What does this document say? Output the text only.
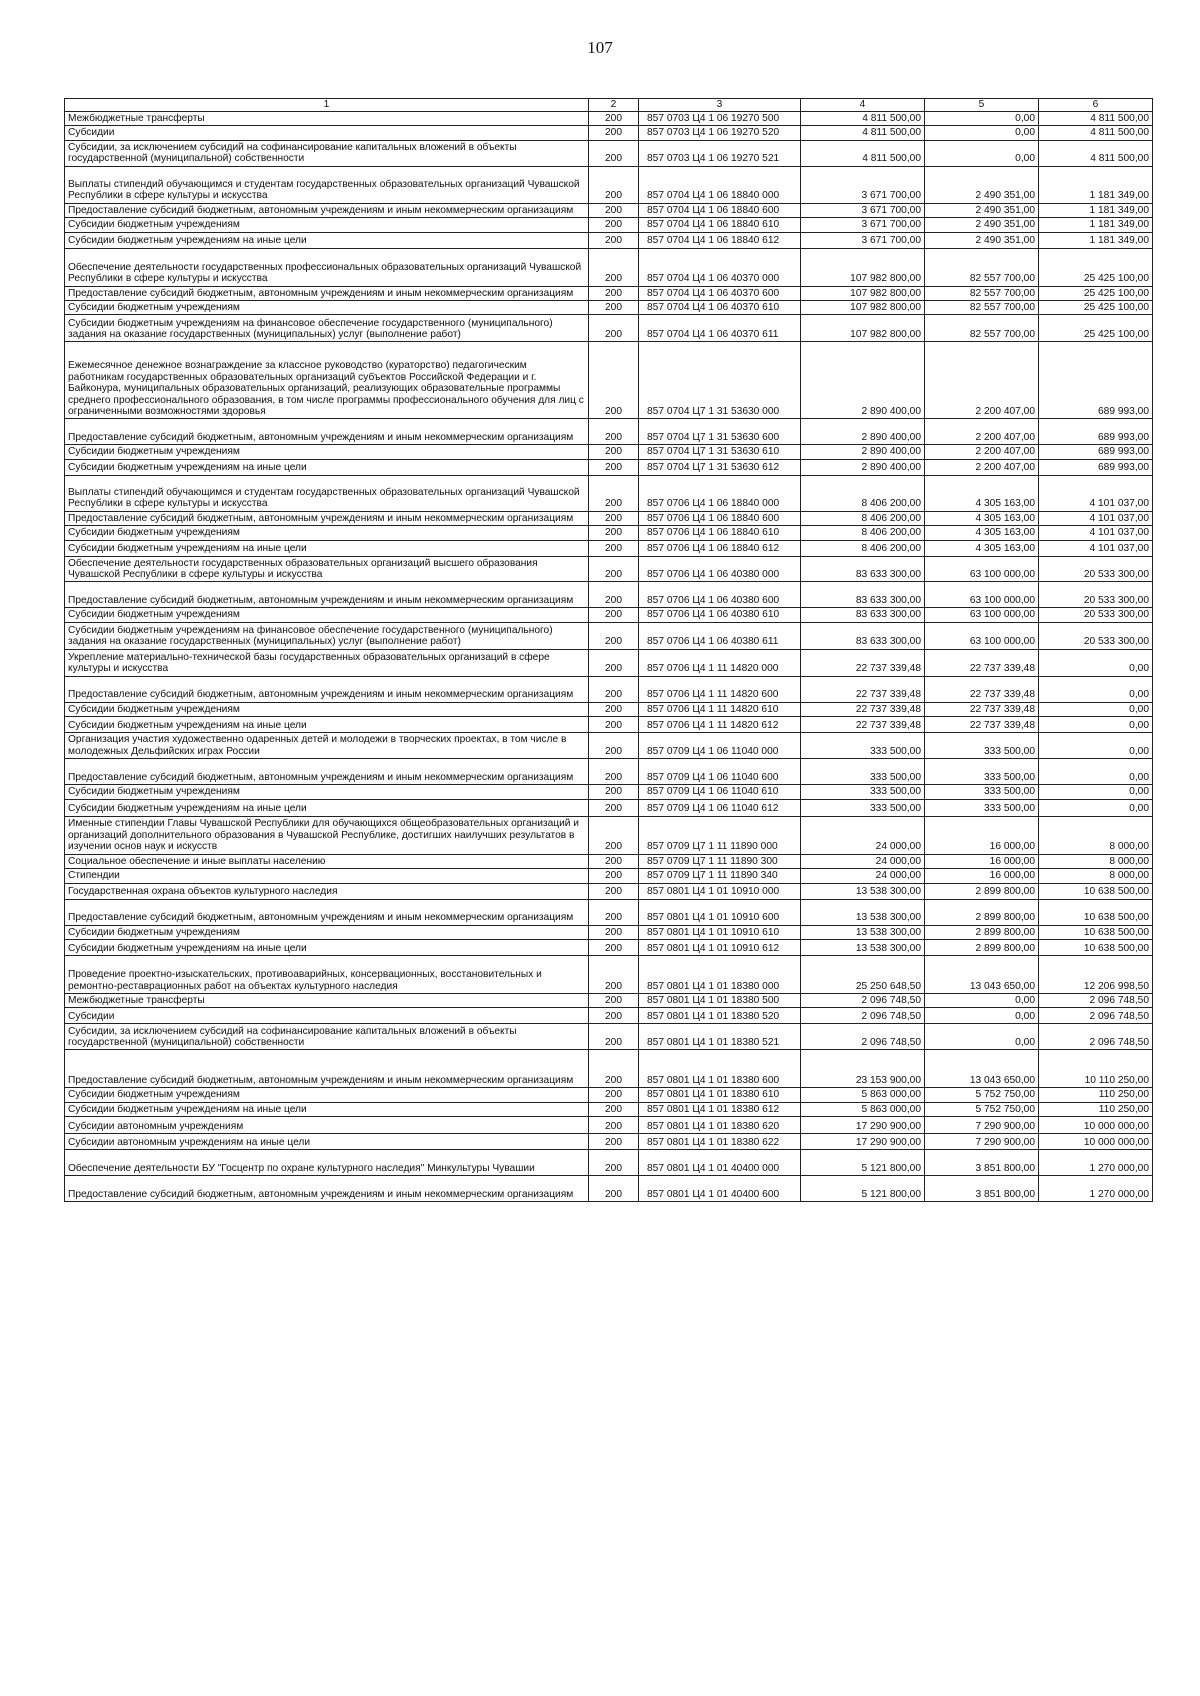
107
1	2	3	4	5	6
Межбюджетные трансферты	200	857 0703 Ц4 1 06 19270 500	4 811 500,00	0,00	4 811 500,00
Субсидии	200	857 0703 Ц4 1 06 19270 520	4 811 500,00	0,00	4 811 500,00
Субсидии, за исключением субсидий на софинансирование капитальных вложений в объекты государственной (муниципальной) собственности	200	857 0703 Ц4 1 06 19270 521	4 811 500,00	0,00	4 811 500,00
Выплаты стипендий обучающимся и студентам государственных образовательных организаций Чувашской Республики в сфере культуры и искусства	200	857 0704 Ц4 1 06 18840 000	3 671 700,00	2 490 351,00	1 181 349,00
Предоставление субсидий бюджетным, автономным учреждениям и иным некоммерческим организациям	200	857 0704 Ц4 1 06 18840 600	3 671 700,00	2 490 351,00	1 181 349,00
Субсидии бюджетным учреждениям	200	857 0704 Ц4 1 06 18840 610	3 671 700,00	2 490 351,00	1 181 349,00
Субсидии бюджетным учреждениям на иные цели	200	857 0704 Ц4 1 06 18840 612	3 671 700,00	2 490 351,00	1 181 349,00
Обеспечение деятельности государственных профессиональных образовательных организаций Чувашской Республики в сфере культуры и искусства	200	857 0704 Ц4 1 06 40370 000	107 982 800,00	82 557 700,00	25 425 100,00
Предоставление субсидий бюджетным, автономным учреждениям и иным некоммерческим организациям	200	857 0704 Ц4 1 06 40370 600	107 982 800,00	82 557 700,00	25 425 100,00
Субсидии бюджетным учреждениям	200	857 0704 Ц4 1 06 40370 610	107 982 800,00	82 557 700,00	25 425 100,00
Субсидии бюджетным учреждениям на финансовое обеспечение государственного (муниципального) задания на оказание государственных (муниципальных) услуг (выполнение работ)	200	857 0704 Ц4 1 06 40370 611	107 982 800,00	82 557 700,00	25 425 100,00
Ежемесячное денежное вознаграждение за классное руководство (кураторство) педагогическим работникам государственных образовательных организаций субъектов Российской Федерации и г. Байконура, муниципальных образовательных организаций, реализующих образовательные программы среднего профессионального образования, в том числе программы профессионального обучения для лиц с ограниченными возможностями здоровья	200	857 0704 Ц7 1 31 53630 000	2 890 400,00	2 200 407,00	689 993,00
Предоставление субсидий бюджетным, автономным учреждениям и иным некоммерческим организациям	200	857 0704 Ц7 1 31 53630 600	2 890 400,00	2 200 407,00	689 993,00
Субсидии бюджетным учреждениям	200	857 0704 Ц7 1 31 53630 610	2 890 400,00	2 200 407,00	689 993,00
Субсидии бюджетным учреждениям на иные цели	200	857 0704 Ц7 1 31 53630 612	2 890 400,00	2 200 407,00	689 993,00
Выплаты стипендий обучающимся и студентам государственных образовательных организаций Чувашской Республики в сфере культуры и искусства	200	857 0706 Ц4 1 06 18840 000	8 406 200,00	4 305 163,00	4 101 037,00
Предоставление субсидий бюджетным, автономным учреждениям и иным некоммерческим организациям	200	857 0706 Ц4 1 06 18840 600	8 406 200,00	4 305 163,00	4 101 037,00
Субсидии бюджетным учреждениям	200	857 0706 Ц4 1 06 18840 610	8 406 200,00	4 305 163,00	4 101 037,00
Субсидии бюджетным учреждениям на иные цели	200	857 0706 Ц4 1 06 18840 612	8 406 200,00	4 305 163,00	4 101 037,00
Обеспечение деятельности государственных образовательных организаций высшего образования Чувашской Республики в сфере культуры и искусства	200	857 0706 Ц4 1 06 40380 000	83 633 300,00	63 100 000,00	20 533 300,00
Предоставление субсидий бюджетным, автономным учреждениям и иным некоммерческим организациям	200	857 0706 Ц4 1 06 40380 600	83 633 300,00	63 100 000,00	20 533 300,00
Субсидии бюджетным учреждениям	200	857 0706 Ц4 1 06 40380 610	83 633 300,00	63 100 000,00	20 533 300,00
Субсидии бюджетным учреждениям на финансовое обеспечение государственного (муниципального) задания на оказание государственных (муниципальных) услуг (выполнение работ)	200	857 0706 Ц4 1 06 40380 611	83 633 300,00	63 100 000,00	20 533 300,00
Укрепление материально-технической базы государственных образовательных организаций в сфере культуры и искусства	200	857 0706 Ц4 1 11 14820 000	22 737 339,48	22 737 339,48	0,00
Предоставление субсидий бюджетным, автономным учреждениям и иным некоммерческим организациям	200	857 0706 Ц4 1 11 14820 600	22 737 339,48	22 737 339,48	0,00
Субсидии бюджетным учреждениям	200	857 0706 Ц4 1 11 14820 610	22 737 339,48	22 737 339,48	0,00
Субсидии бюджетным учреждениям на иные цели	200	857 0706 Ц4 1 11 14820 612	22 737 339,48	22 737 339,48	0,00
Организация участия художественно одаренных детей и молодежи в творческих проектах, в том числе в молодежных Дельфийских играх России	200	857 0709 Ц4 1 06 11040 000	333 500,00	333 500,00	0,00
Предоставление субсидий бюджетным, автономным учреждениям и иным некоммерческим организациям	200	857 0709 Ц4 1 06 11040 600	333 500,00	333 500,00	0,00
Субсидии бюджетным учреждениям	200	857 0709 Ц4 1 06 11040 610	333 500,00	333 500,00	0,00
Субсидии бюджетным учреждениям на иные цели	200	857 0709 Ц4 1 06 11040 612	333 500,00	333 500,00	0,00
Именные стипендии Главы Чувашской Республики для обучающихся общеобразовательных организаций и организаций дополнительного образования в Чувашской Республике, достигших наилучших результатов в изучении основ наук и искусств	200	857 0709 Ц7 1 11 11890 000	24 000,00	16 000,00	8 000,00
Социальное обеспечение и иные выплаты населению	200	857 0709 Ц7 1 11 11890 300	24 000,00	16 000,00	8 000,00
Стипендии	200	857 0709 Ц7 1 11 11890 340	24 000,00	16 000,00	8 000,00
Государственная охрана объектов культурного наследия	200	857 0801 Ц4 1 01 10910 000	13 538 300,00	2 899 800,00	10 638 500,00
Предоставление субсидий бюджетным, автономным учреждениям и иным некоммерческим организациям	200	857 0801 Ц4 1 01 10910 600	13 538 300,00	2 899 800,00	10 638 500,00
Субсидии бюджетным учреждениям	200	857 0801 Ц4 1 01 10910 610	13 538 300,00	2 899 800,00	10 638 500,00
Субсидии бюджетным учреждениям на иные цели	200	857 0801 Ц4 1 01 10910 612	13 538 300,00	2 899 800,00	10 638 500,00
Проведение проектно-изыскательских, противоаварийных, консервационных, восстановительных и ремонтно-реставрационных работ на объектах культурного наследия	200	857 0801 Ц4 1 01 18380 000	25 250 648,50	13 043 650,00	12 206 998,50
Межбюджетные трансферты	200	857 0801 Ц4 1 01 18380 500	2 096 748,50	0,00	2 096 748,50
Субсидии	200	857 0801 Ц4 1 01 18380 520	2 096 748,50	0,00	2 096 748,50
Субсидии, за исключением субсидий на софинансирование капитальных вложений в объекты государственной (муниципальной) собственности	200	857 0801 Ц4 1 01 18380 521	2 096 748,50	0,00	2 096 748,50
Предоставление субсидий бюджетным, автономным учреждениям и иным некоммерческим организациям	200	857 0801 Ц4 1 01 18380 600	23 153 900,00	13 043 650,00	10 110 250,00
Субсидии бюджетным учреждениям	200	857 0801 Ц4 1 01 18380 610	5 863 000,00	5 752 750,00	110 250,00
Субсидии бюджетным учреждениям на иные цели	200	857 0801 Ц4 1 01 18380 612	5 863 000,00	5 752 750,00	110 250,00
Субсидии автономным учреждениям	200	857 0801 Ц4 1 01 18380 620	17 290 900,00	7 290 900,00	10 000 000,00
Субсидии автономным учреждениям на иные цели	200	857 0801 Ц4 1 01 18380 622	17 290 900,00	7 290 900,00	10 000 000,00
Обеспечение деятельности БУ "Госцентр по охране культурного наследия" Минкультуры Чувашии	200	857 0801 Ц4 1 01 40400 000	5 121 800,00	3 851 800,00	1 270 000,00
Предоставление субсидий бюджетным, автономным учреждениям и иным некоммерческим организациям	200	857 0801 Ц4 1 01 40400 600	5 121 800,00	3 851 800,00	1 270 000,00
